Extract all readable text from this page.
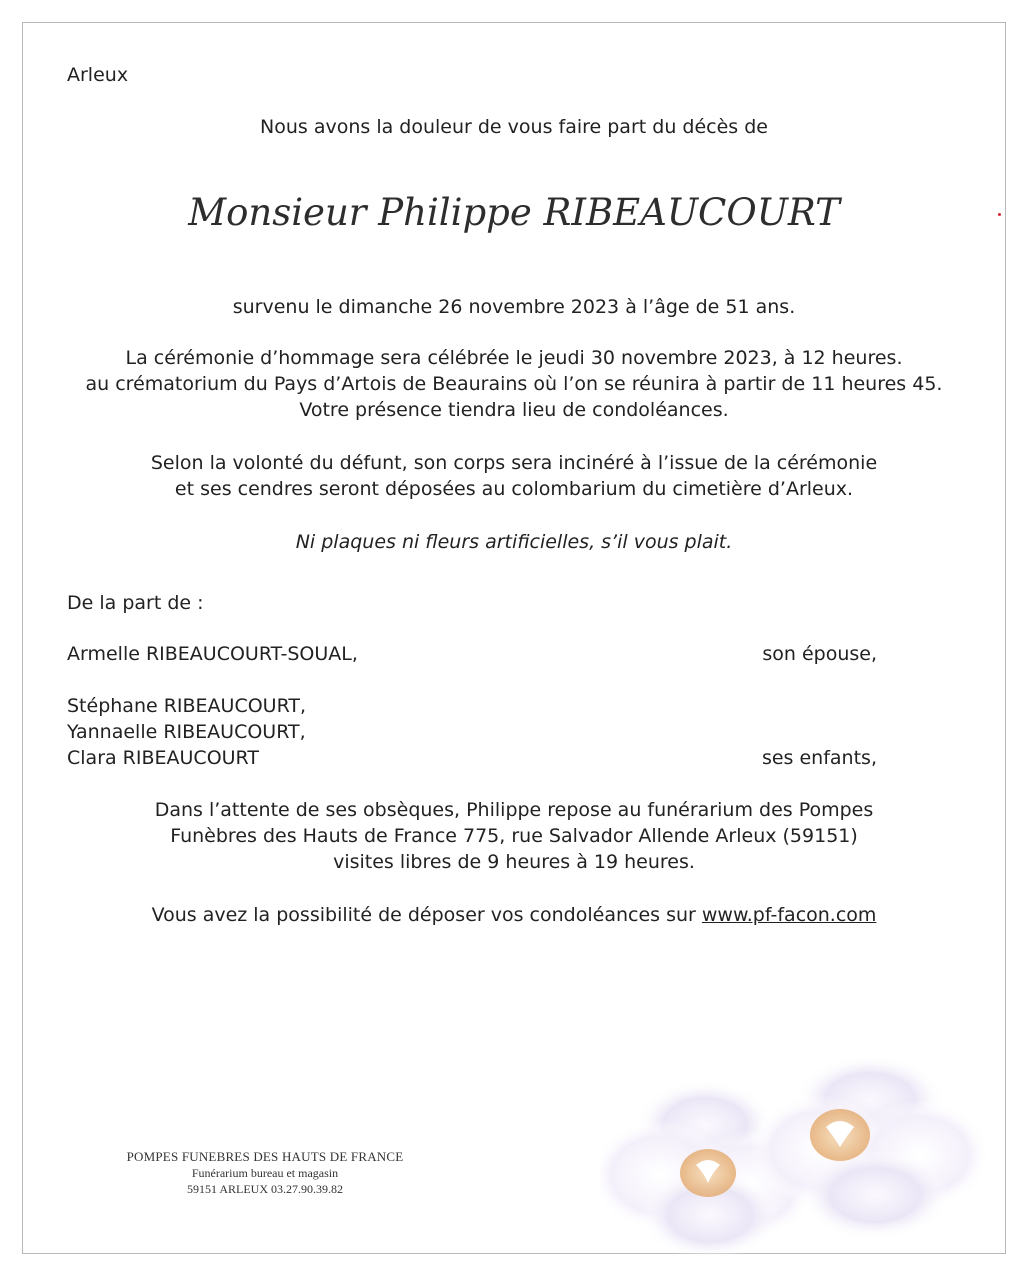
Arleux
Nous avons la douleur de vous faire part du décès de
Monsieur Philippe RIBEAUCOURT
survenu le dimanche 26 novembre 2023 à l’âge de 51 ans.
La cérémonie d’hommage sera célébrée le jeudi 30 novembre 2023, à 12 heures.
au crématorium du Pays d’Artois de Beaurains où l’on se réunira à partir de 11 heures 45.
Votre présence tiendra lieu de condoléances.
Selon la volonté du défunt, son corps sera incinéré à l’issue de la cérémonie
et ses cendres seront déposées au colombarium du cimetière d’Arleux.
Ni plaques ni fleurs artificielles, s’il vous plait.
De la part de :
Armelle RIBEAUCOURT-SOUAL,	son épouse,
Stéphane RIBEAUCOURT,
Yannaelle RIBEAUCOURT,
Clara RIBEAUCOURT	ses enfants,
Dans l’attente de ses obsèques, Philippe repose au funérarium des Pompes
Funèbres des Hauts de France 775, rue Salvador Allende Arleux (59151)
visites libres de 9 heures à 19 heures.
Vous avez la possibilité de déposer vos condoléances sur www.pf-facon.com
POMPES FUNEBRES DES HAUTS DE FRANCE
Funérarium bureau et magasin
59151 ARLEUX 03.27.90.39.82
